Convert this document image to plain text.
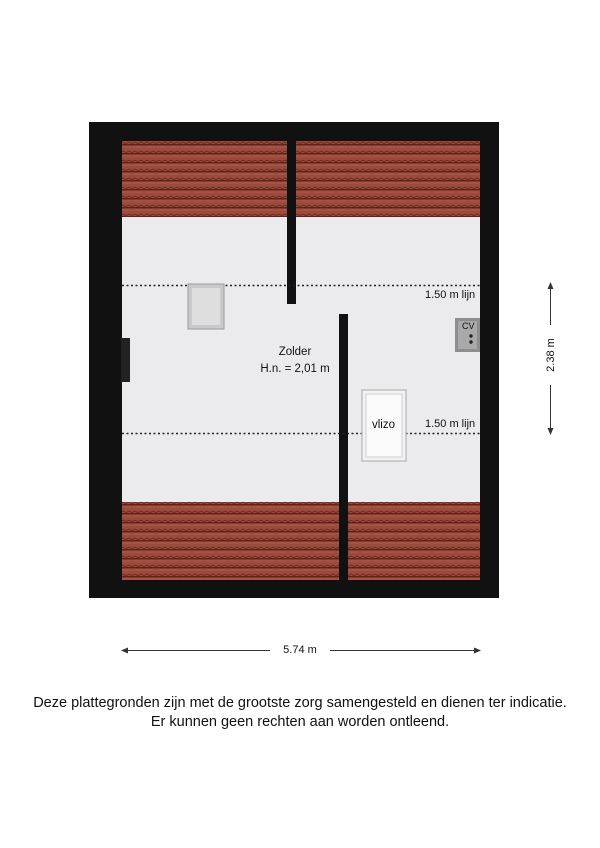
Zolder
H.n. = 2,01 m
1.50 m lijn
1.50 m lijn
vlizo
CV
5.74 m
2.38 m
Deze plattegronden zijn met de grootste zorg samengesteld en dienen ter indicatie.
Er kunnen geen rechten aan worden ontleend.
